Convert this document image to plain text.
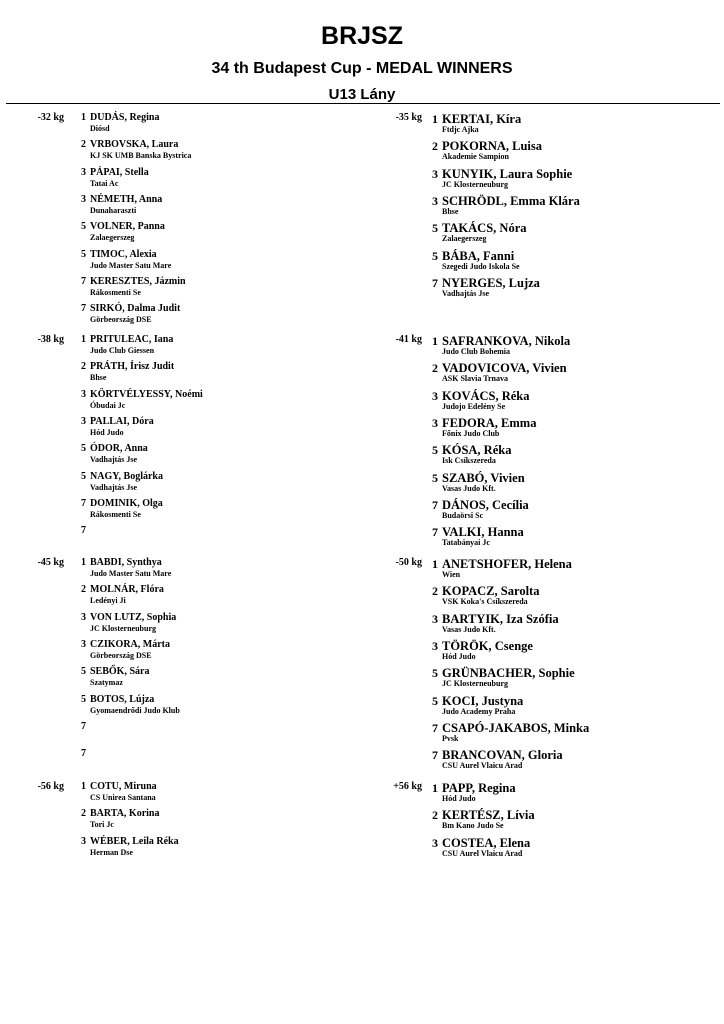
BRJSZ
34 th Budapest Cup - MEDAL WINNERS
U13 Lány
-32 kg	1 DUDÁS, Regina
Diósd
2 VRBOVSKA, Laura
KJ SK UMB Banska Bystrica
3 PÁPAI, Stella
Tatai Ac
3 NÉMETH, Anna
Dunaharaszti
5 VOLNER, Panna
Zalaegerszeg
5 TIMOC, Alexia
Judo Master Satu Mare
7 KERESZTES, Jázmin
Rákosmenti Se
7 SIRKÓ, Dalma Judit
Görbeország DSE
-35 kg 1 KERTAI, Kíra
Ftdjc Ajka
2 POKORNA, Luisa
Akademie Sampion
3 KUNYIK, Laura Sophie
JC Klosterneuburg
3 SCHRÖDL, Emma Klára
Bhse
5 TAKÁCS, Nóra
Zalaegerszeg
5 BÁBA, Fanni
Szegedi Judo Iskola Se
7 NYERGES, Lujza
Vadhajtás Jse
-38 kg	1 PRITULEAC, Iana
Judo Club Giessen
2 PRÁTH, Írisz Judit
Bhse
3 KÖRTVÉLYESSY, Noémi
Óbudai Jc
3 PALLAI, Dóra
Hód Judo
5 ÓDOR, Anna
Vadhajtás Jse
5 NAGY, Boglárka
Vadhajtás Jse
7 DOMINIK, Olga
Rákosmenti Se
7
-41 kg 1 SAFRANKOVA, Nikola
Judo Club Bohemia
2 VADOVICOVA, Vivien
ASK Slavia Trnava
3 KOVÁCS, Réka
Judojo Edelény Se
3 FEDORA, Emma
Főnix Judo Club
5 KÓSA, Réka
Isk Csíkszereda
5 SZABÓ, Vivien
Vasas Judo Kft.
7 DÁNOS, Cecília
Budaörsi Sc
7 VALKI, Hanna
Tatabányai Jc
-45 kg	1 BABDI, Synthya
Judo Master Satu Mare
2 MOLNÁR, Flóra
Ledényi Ji
3 VON LUTZ, Sophia
JC Klosterneuburg
3 CZIKORA, Márta
Görbeország DSE
5 SEBŐK, Sára
Szatymaz
5 BOTOS, Lújza
Gyomaendrődi Judo Klub
7
7
-50 kg 1 ANETSHOFER, Helena
Wien
2 KOPACZ, Sarolta
VSK Koka's Csíkszereda
3 BARTYIK, Iza Szófia
Vasas Judo Kft.
3 TÖRÖK, Csenge
Hód Judo
5 GRÜNBACHER, Sophie
JC Klosterneuburg
5 KOCI, Justyna
Judo Academy Praha
7 CSAPÓ-JAKABOS, Minka
Pvsk
7 BRANCOVAN, Gloria
CSU Aurel Vlaicu Arad
-56 kg	1 COTU, Miruna
CS Unirea Santana
2 BARTA, Korina
Tori Jc
3 WÉBER, Leila Réka
Herman Dse
+56 kg 1 PAPP, Regina
Hód Judo
2 KERTÉSZ, Lívia
Bm Kano Judo Se
3 COSTEA, Elena
CSU Aurel Vlaicu Arad
